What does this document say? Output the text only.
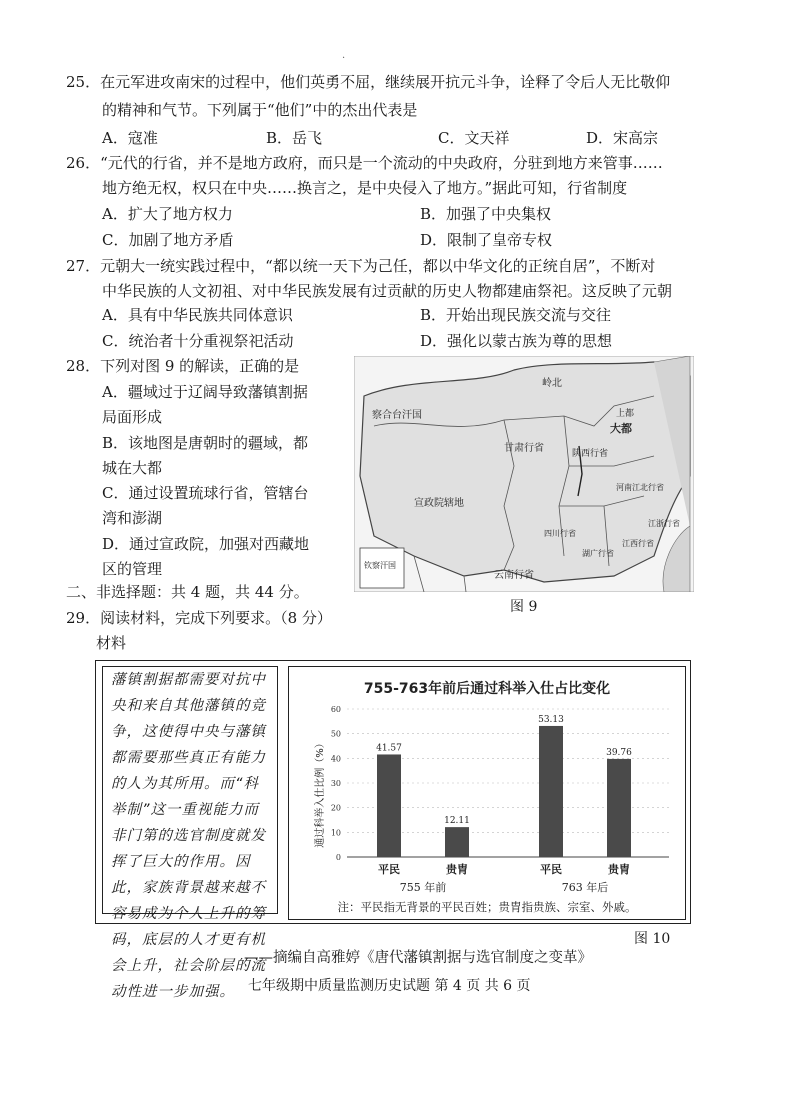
·
25．在元军进攻南宋的过程中，他们英勇不屈，继续展开抗元斗争，诠释了令后人无比敬仰
的精神和气节。下列属于“他们”中的杰出代表是
A．寇准	B．岳飞	C．文天祥	D．宋高宗
26．“元代的行省，并不是地方政府，而只是一个流动的中央政府，分驻到地方来管事……
地方绝无权，权只在中央……换言之，是中央侵入了地方。”据此可知，行省制度
A．扩大了地方权力	B．加强了中央集权
C．加剧了地方矛盾	D．限制了皇帝专权
27．元朝大一统实践过程中，“都以统一天下为己任，都以中华文化的正统自居”，不断对
中华民族的人文初祖、对中华民族发展有过贡献的历史人物都建庙祭祀。这反映了元朝
A．具有中华民族共同体意识	B．开始出现民族交流与交往
C．统治者十分重视祭祀活动	D．强化以蒙古族为尊的思想
28．下列对图 9 的解读，正确的是
A．疆域过于辽阔导致藩镇割据
局面形成
B．该地图是唐朝时的疆域，都
城在大都
C．通过设置琉球行省，管辖台
湾和澎湖
D．通过宣政院，加强对西藏地
区的管理
岭北
察合台汗国
甘肃行省	陕西行省
宣政院辖地
云南行省
大都
上都
河南江北行省
江浙行省
江西行省
湖广行省
四川行省
钦察汗国
图 9
二、非选择题：共 4 题，共 44 分。
29．阅读材料，完成下列要求。（8 分）
材料
藩镇割据都需要对抗中央和来自其他藩镇的竞争，这使得中央与藩镇都需要那些真正有能力的人为其所用。而“科举制”这一重视能力而非门第的选官制度就发挥了巨大的作用。因此，家族背景越来越不容易成为个人上升的筹码，底层的人才更有机会上升，社会阶层的流动性进一步加强。
755-763年前后通过科举入仕占比变化
通过科举入仕比例（%）
0
10
20
30
40
50
60
41.57
平民
12.11
贵胄
53.13
平民
39.76
贵胄
755 年前	763 年后
注：平民指无背景的平民百姓；贵胄指贵族、宗室、外戚。
图 10
——摘编自高雅婷《唐代藩镇割据与选官制度之变革》
七年级期中质量监测历史试题 第 4 页 共 6 页
